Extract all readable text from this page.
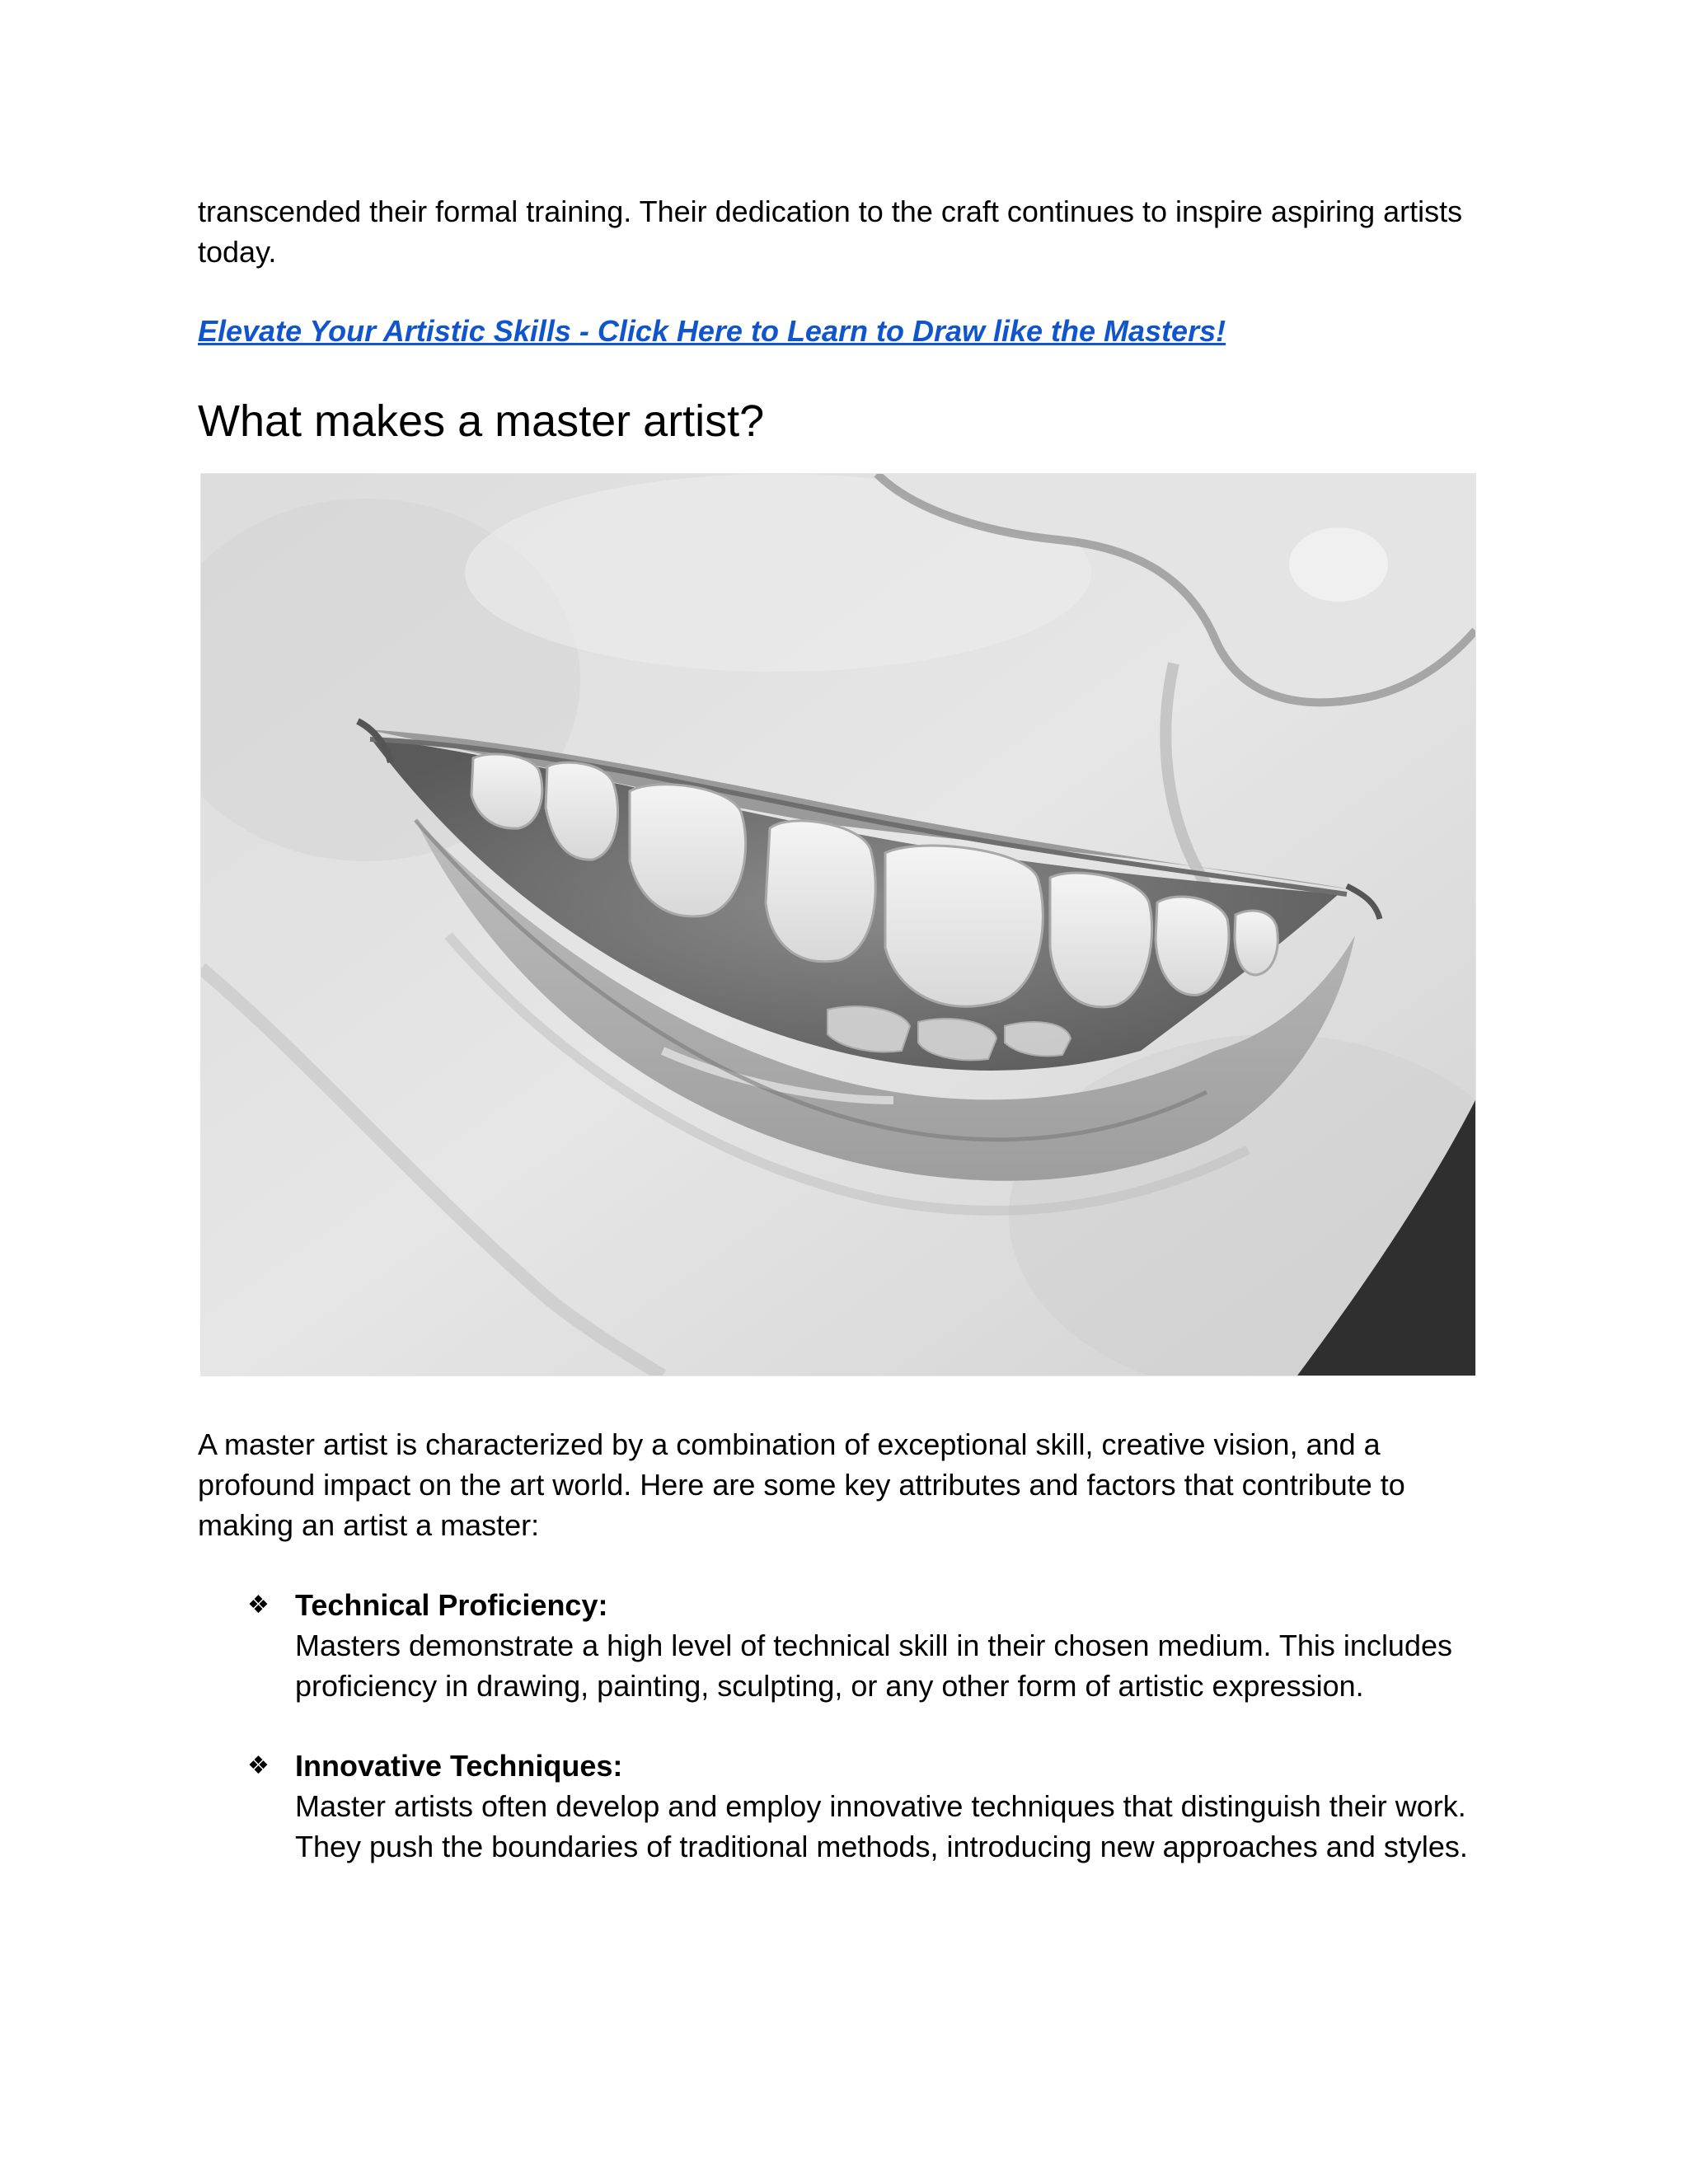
transcended their formal training. Their dedication to the craft continues to inspire aspiring artists today.

Elevate Your Artistic Skills - Click Here to Learn to Draw like the Masters!
What makes a master artist?

A master artist is characterized by a combination of exceptional skill, creative vision, and a profound impact on the art world. Here are some key attributes and factors that contribute to making an artist a master:

❖ Technical Proficiency:
Masters demonstrate a high level of technical skill in their chosen medium. This includes proficiency in drawing, painting, sculpting, or any other form of artistic expression.
❖ Innovative Techniques:
Master artists often develop and employ innovative techniques that distinguish their work. They push the boundaries of traditional methods, introducing new approaches and styles.
